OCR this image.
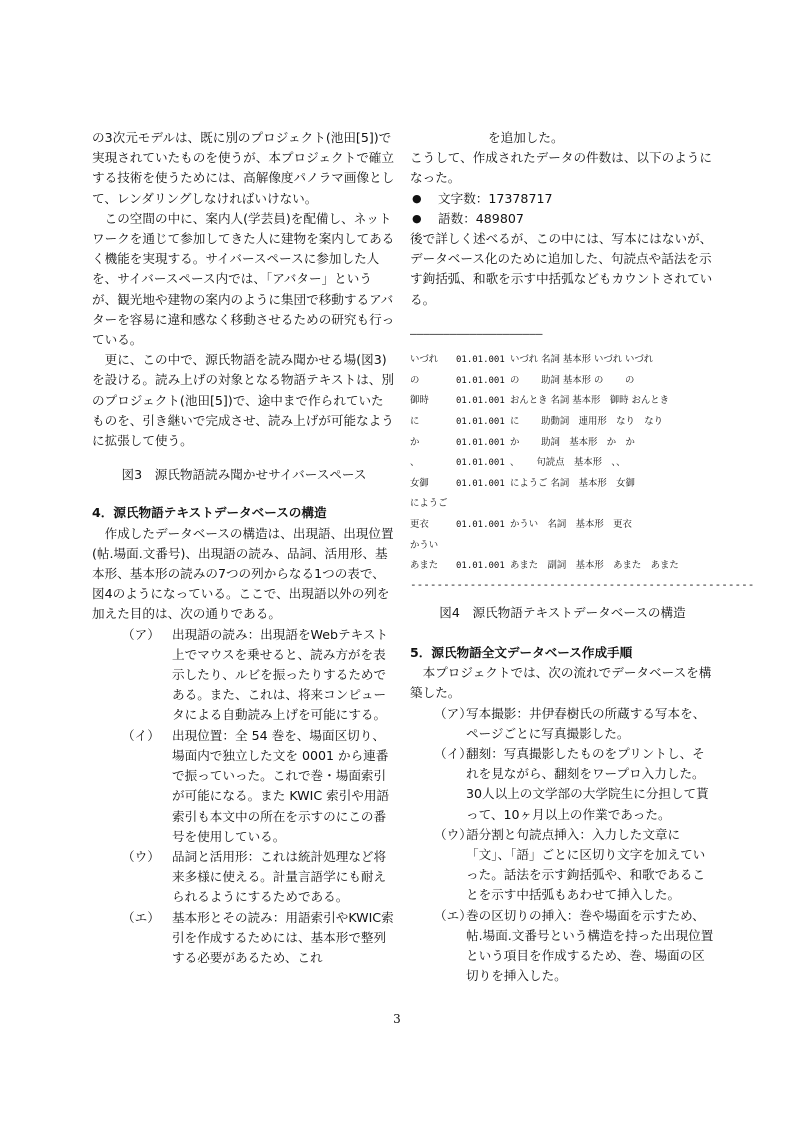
の3次元モデルは、既に別のプロジェクト(池田[5])で実現されていたものを使うが、本プロジェクトで確立する技術を使うためには、高解像度パノラマ画像として、レンダリングしなければいけない。

この空間の中に、案内人(学芸員)を配備し、ネットワークを通じて参加してきた人に建物を案内してあるく機能を実現する。サイバースペースに参加した人を、サイバースペース内では、「アバター」というが、観光地や建物の案内のように集団で移動するアバターを容易に違和感なく移動させるための研究も行っている。

更に、この中で、源氏物語を読み聞かせる場(図3)を設ける。読み上げの対象となる物語テキストは、別のプロジェクト(池田[5])で、途中まで作られていたものを、引き継いで完成させ、読み上げが可能なように拡張して使う。

図3　源氏物語読み聞かせサイバースペース

4．源氏物語テキストデータベースの構造

作成したデータベースの構造は、出現語、出現位置(帖.場面.文番号)、出現語の読み、品詞、活用形、基本形、基本形の読みの7つの列からなる1つの表で、図4のようになっている。ここで、出現語以外の列を加えた目的は、次の通りである。

（ア） 出現語の読み：出現語をWebテキスト上でマウスを乗せると、読み方がを表示したり、ルビを振ったりするためである。また、これは、将来コンピュータによる自動読み上げを可能にする。
（イ） 出現位置：全 54 巻を、場面区切り、場面内で独立した文を 0001 から連番で振っていった。これで巻・場面索引が可能になる。また KWIC 索引や用語索引も本文中の所在を示すのにこの番号を使用している。
（ウ） 品詞と活用形：これは統計処理など将来多様に使える。計量言語学にも耐えられるようにするためである。
（エ） 基本形とその読み：用語索引やKWIC索引を作成するためには、基本形で整列する必要があるため、これ

を追加した。

こうして、作成されたデータの件数は、以下のようになった。

●	文字数：17378717
●	語数：489807

後で詳しく述べるが、この中には、写本にはないが、データベース化のために追加した、句読点や話法を示す鉤括弧、和歌を示す中括弧などもカウントされている。

————————————————————
いづれ	01.01.001	いづれ 名詞 基本形 いづれ いづれ
の	01.01.001	の　　 助詞 基本形 の　　 の
御時	01.01.001	おんとき 名詞 基本形　御時 おんとき
に	01.01.001	に　　 助動詞　連用形　なり　なり
か	01.01.001	か　　 助詞　基本形　か　か
、	01.01.001	、　　 句読点　基本形　、、
女御	01.01.001	にようご 名詞　基本形　女御
にようご		
更衣	01.01.001	かうい　名詞　基本形　更衣
かうい		
あまた	01.01.001	あまた　副詞　基本形　あまた　あまた
----------------------------------------------------

図4　源氏物語テキストデータベースの構造

5．源氏物語全文データベース作成手順

本プロジェクトでは、次の流れでデータベースを構築した。

（ア）
写本撮影：井伊春樹氏の所蔵する写本を、ページごとに写真撮影した。
（イ）
翻刻：写真撮影したものをプリントし、それを見ながら、翻刻をワープロ入力した。30人以上の文学部の大学院生に分担して貰って、10ヶ月以上の作業であった。
（ウ）
語分割と句読点挿入：入力した文章に「文」、「語」ごとに区切り文字を加えていった。話法を示す鉤括弧や、和歌であることを示す中括弧もあわせて挿入した。
（エ）
巻の区切りの挿入：巻や場面を示すため、帖.場面.文番号という構造を持った出現位置という項目を作成するため、巻、場面の区切りを挿入した。
3
